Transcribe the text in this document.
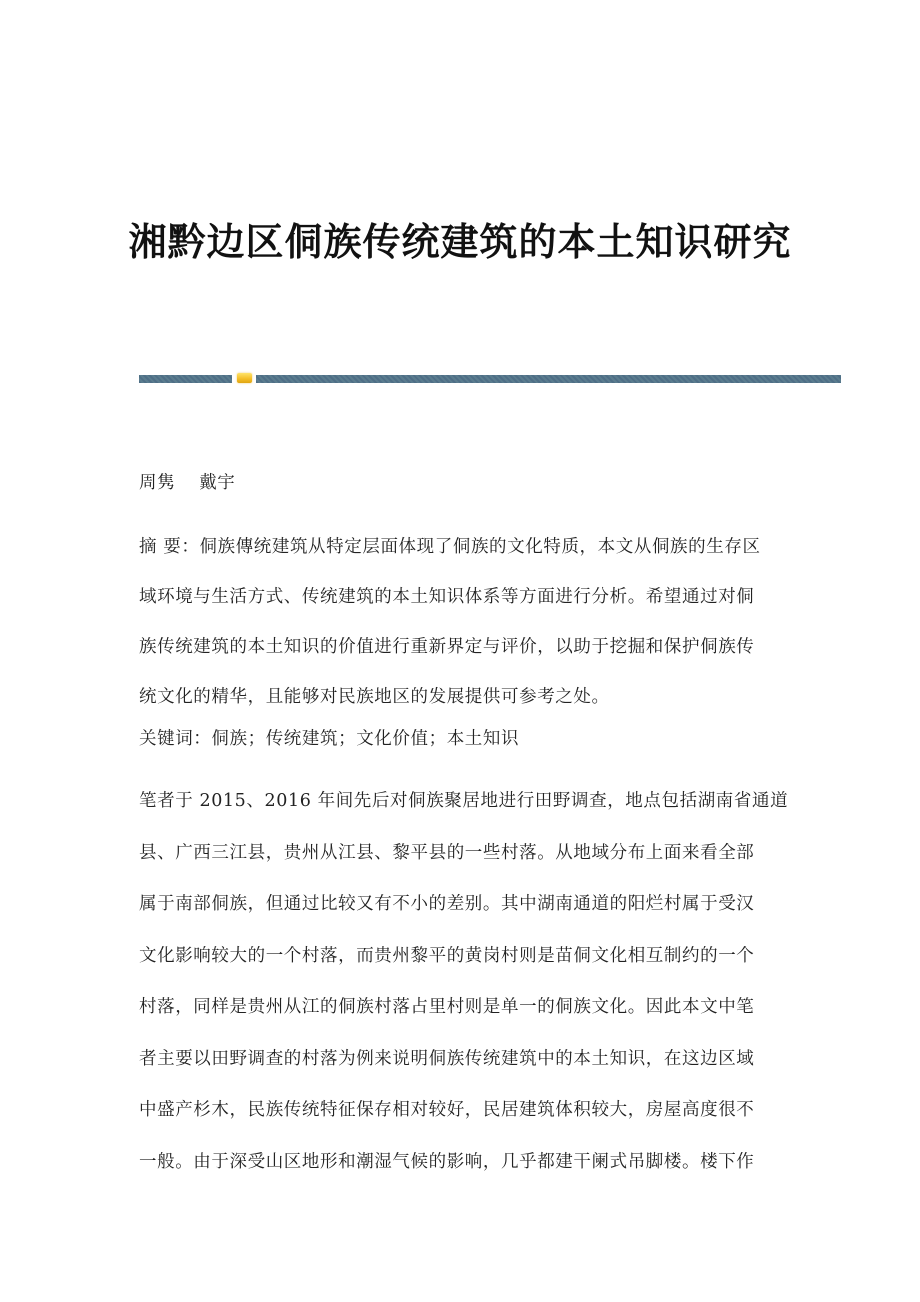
湘黔边区侗族传统建筑的本土知识研究

周隽 戴宇

摘 要：侗族傳统建筑从特定层面体现了侗族的文化特质，本文从侗族的生存区
域环境与生活方式、传统建筑的本土知识体系等方面进行分析。希望通过对侗
族传统建筑的本土知识的价值进行重新界定与评价，以助于挖掘和保护侗族传
统文化的精华，且能够对民族地区的发展提供可参考之处。

关键词：侗族；传统建筑；文化价值；本土知识

笔者于 2015、2016 年间先后对侗族聚居地进行田野调查，地点包括湖南省通道
县、广西三江县，贵州从江县、黎平县的一些村落。从地域分布上面来看全部
属于南部侗族，但通过比较又有不小的差别。其中湖南通道的阳烂村属于受汉
文化影响较大的一个村落，而贵州黎平的黄岗村则是苗侗文化相互制约的一个
村落，同样是贵州从江的侗族村落占里村则是单一的侗族文化。因此本文中笔
者主要以田野调查的村落为例来说明侗族传统建筑中的本土知识，在这边区域
中盛产杉木，民族传统特征保存相对较好，民居建筑体积较大，房屋高度很不
一般。由于深受山区地形和潮湿气候的影响，几乎都建干阑式吊脚楼。楼下作
